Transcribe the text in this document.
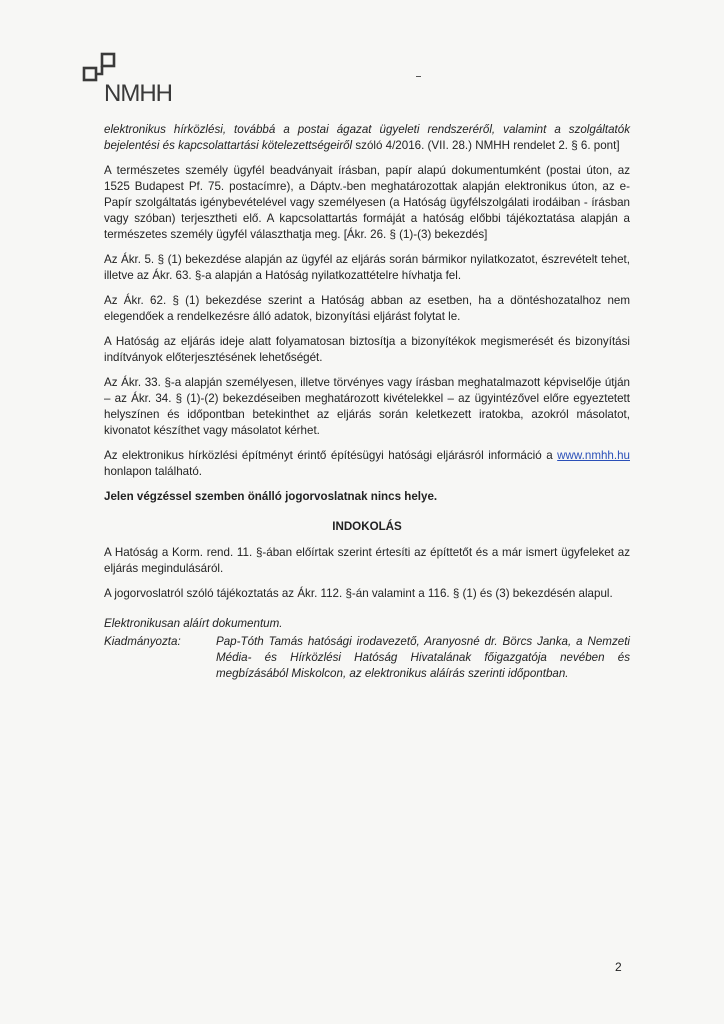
NMHH

elektronikus hírközlési, továbbá a postai ágazat ügyeleti rendszeréről, valamint a szolgáltatók bejelentési és kapcsolattartási kötelezettségeiről szóló 4/2016. (VII. 28.) NMHH rendelet 2. § 6. pont]

A természetes személy ügyfél beadványait írásban, papír alapú dokumentumként (postai úton, az 1525 Budapest Pf. 75. postacímre), a Dáptv.-ben meghatározottak alapján elektronikus úton, az e-Papír szolgáltatás igénybevételével vagy személyesen (a Hatóság ügyfélszolgálati irodáiban - írásban vagy szóban) terjesztheti elő. A kapcsolattartás formáját a hatóság előbbi tájékoztatása alapján a természetes személy ügyfél választhatja meg. [Ákr. 26. § (1)-(3) bekezdés]

Az Ákr. 5. § (1) bekezdése alapján az ügyfél az eljárás során bármikor nyilatkozatot, észrevételt tehet, illetve az Ákr. 63. §-a alapján a Hatóság nyilatkozattételre hívhatja fel.

Az Ákr. 62. § (1) bekezdése szerint a Hatóság abban az esetben, ha a döntéshozatalhoz nem elegendőek a rendelkezésre álló adatok, bizonyítási eljárást folytat le.

A Hatóság az eljárás ideje alatt folyamatosan biztosítja a bizonyítékok megismerését és bizonyítási indítványok előterjesztésének lehetőségét.

Az Ákr. 33. §-a alapján személyesen, illetve törvényes vagy írásban meghatalmazott képviselője útján – az Ákr. 34. § (1)-(2) bekezdéseiben meghatározott kivételekkel – az ügyintézővel előre egyeztetett helyszínen és időpontban betekinthet az eljárás során keletkezett iratokba, azokról másolatot, kivonatot készíthet vagy másolatot kérhet.

Az elektronikus hírközlési építményt érintő építésügyi hatósági eljárásról információ a www.nmhh.hu honlapon található.

Jelen végzéssel szemben önálló jogorvoslatnak nincs helye.

INDOKOLÁS

A Hatóság a Korm. rend. 11. §-ában előírtak szerint értesíti az építtetőt és a már ismert ügyfeleket az eljárás megindulásáról.

A jogorvoslatról szóló tájékoztatás az Ákr. 112. §-án valamint a 116. § (1) és (3) bekezdésén alapul.

Elektronikusan aláírt dokumentum.

Kiadmányozta:	Pap-Tóth Tamás hatósági irodavezető, Aranyosné dr. Börcs Janka, a Nemzeti Média- és Hírközlési Hatóság Hivatalának főigazgatója nevében és megbízásából Miskolcon, az elektronikus aláírás szerinti időpontban.
2
